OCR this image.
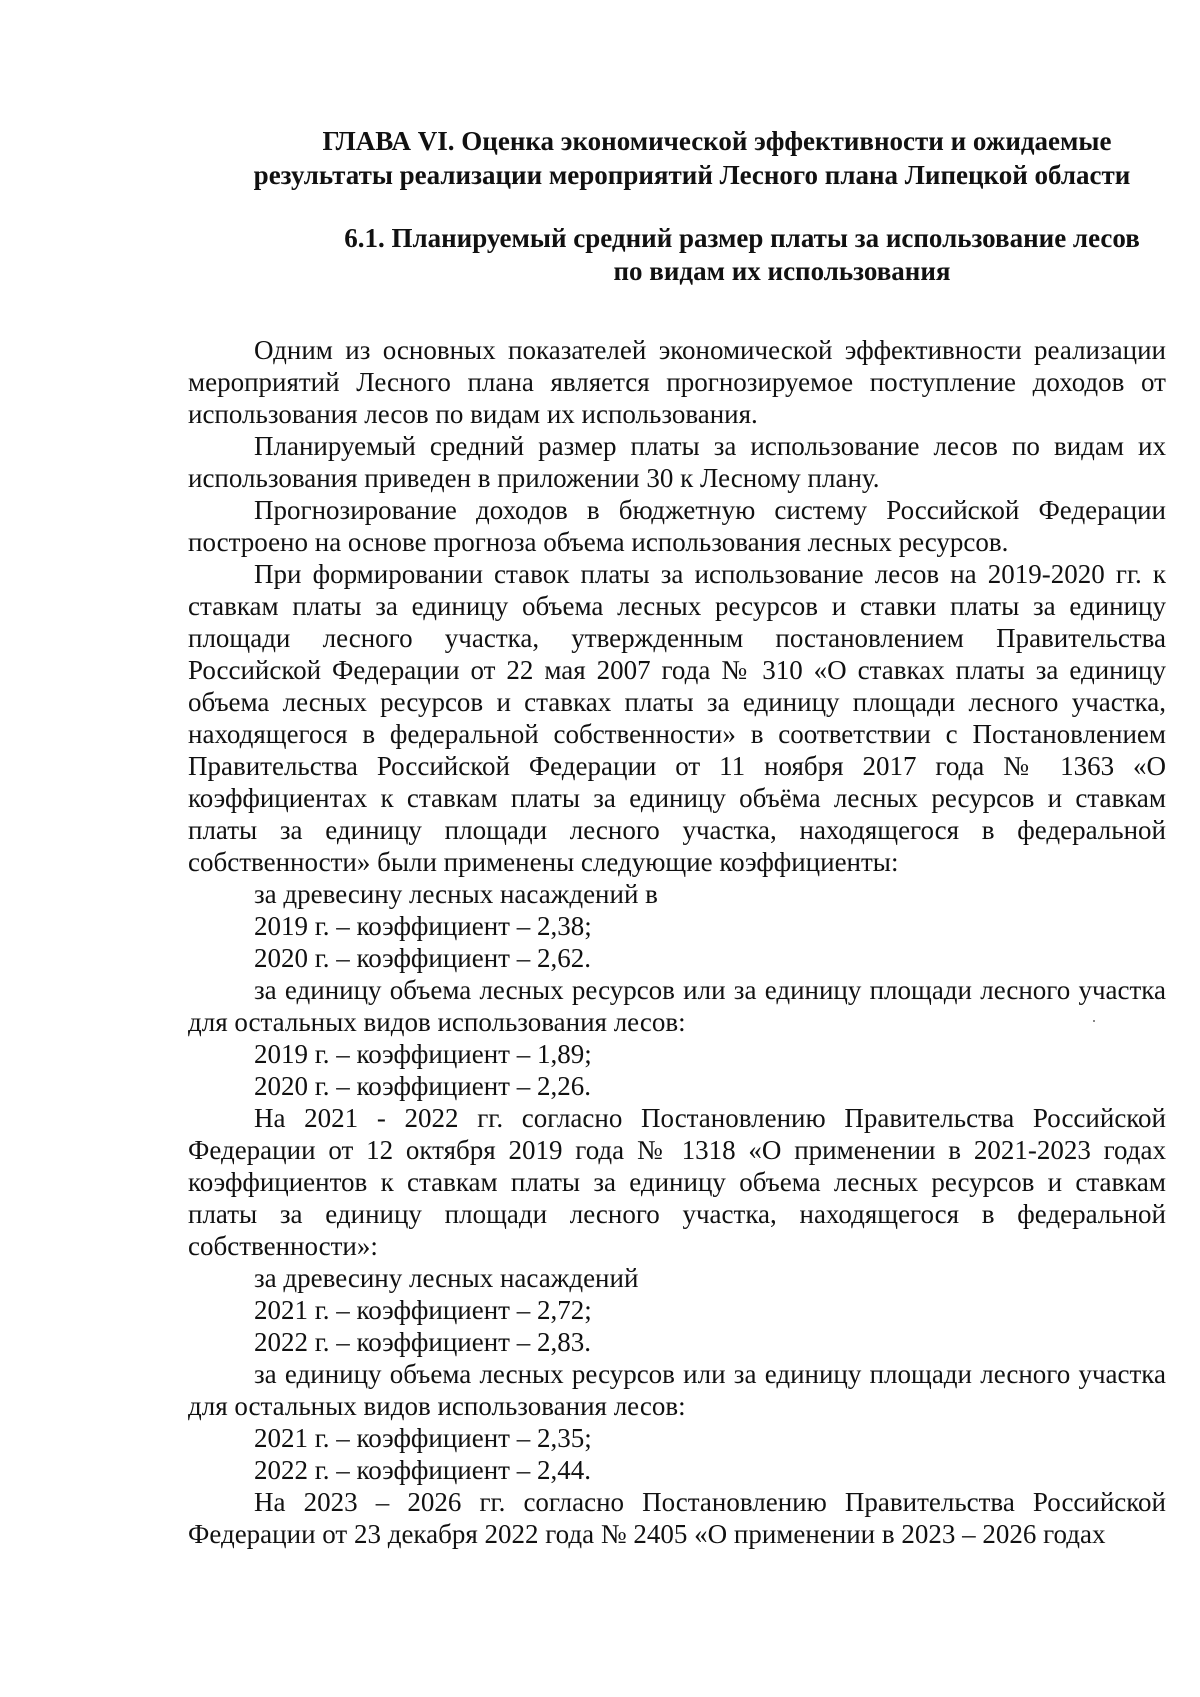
ГЛАВА VI. Оценка экономической эффективности и ожидаемые
результаты реализации мероприятий Лесного плана Липецкой области
6.1. Планируемый средний размер платы за использование лесов
по видам их использования

Одним из основных показателей экономической эффективности реализации мероприятий Лесного плана является прогнозируемое поступление доходов от использования лесов по видам их использования.

Планируемый средний размер платы за использование лесов по видам их использования приведен в приложении 30 к Лесному плану.

Прогнозирование доходов в бюджетную систему Российской Федерации построено на основе прогноза объема использования лесных ресурсов.

При формировании ставок платы за использование лесов на 2019-2020 гг. к ставкам платы за единицу объема лесных ресурсов и ставки платы за единицу площади лесного участка, утвержденным постановлением Правительства Российской Федерации от 22 мая 2007 года № 310 «О ставках платы за единицу объема лесных ресурсов и ставках платы за единицу площади лесного участка, находящегося в федеральной собственности» в соответствии с Постановлением Правительства Российской Федерации от 11 ноября 2017 года № 1363 «О коэффициентах к ставкам платы за единицу объёма лесных ресурсов и ставкам платы за единицу площади лесного участка, находящегося в федеральной собственности» были применены следующие коэффициенты:

за древесину лесных насаждений в

2019 г. – коэффициент – 2,38;

2020 г. – коэффициент – 2,62.

за единицу объема лесных ресурсов или за единицу площади лесного участка для остальных видов использования лесов:

2019 г. – коэффициент – 1,89;

2020 г. – коэффициент – 2,26.

На 2021 - 2022 гг. согласно Постановлению Правительства Российской Федерации от 12 октября 2019 года № 1318 «О применении в 2021-2023 годах коэффициентов к ставкам платы за единицу объема лесных ресурсов и ставкам платы за единицу площади лесного участка, находящегося в федеральной собственности»:

за древесину лесных насаждений

2021 г. – коэффициент – 2,72;

2022 г. – коэффициент – 2,83.

за единицу объема лесных ресурсов или за единицу площади лесного участка для остальных видов использования лесов:

2021 г. – коэффициент – 2,35;

2022 г. – коэффициент – 2,44.

На 2023 – 2026 гг. согласно Постановлению Правительства Российской Федерации от 23 декабря 2022 года № 2405 «О применении в 2023 – 2026 годах
